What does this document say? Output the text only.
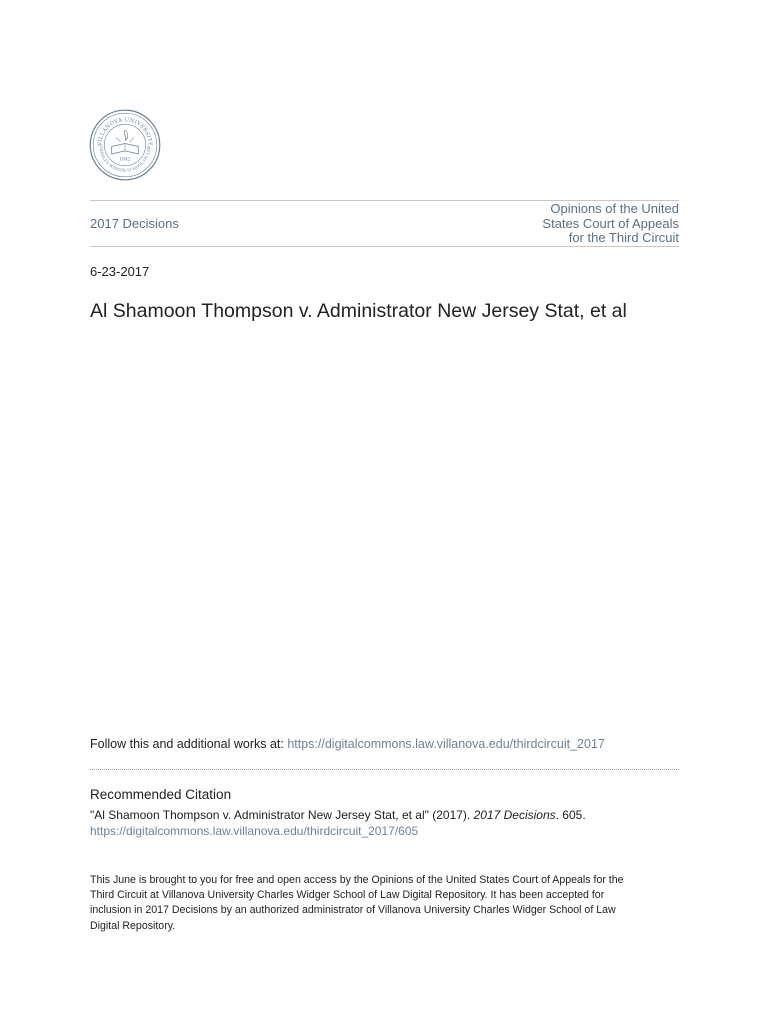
VILLANOVA UNIVERSITY
CHARLES WIDGER SCHOOL OF LAW
1842
2017 Decisions
Opinions of the United
States Court of Appeals
for the Third Circuit
6-23-2017
Al Shamoon Thompson v. Administrator New Jersey Stat, et al
Follow this and additional works at: https://digitalcommons.law.villanova.edu/thirdcircuit_2017
Recommended Citation
"Al Shamoon Thompson v. Administrator New Jersey Stat, et al" (2017). 2017 Decisions. 605.
https://digitalcommons.law.villanova.edu/thirdcircuit_2017/605
This June is brought to you for free and open access by the Opinions of the United States Court of Appeals for the
Third Circuit at Villanova University Charles Widger School of Law Digital Repository. It has been accepted for
inclusion in 2017 Decisions by an authorized administrator of Villanova University Charles Widger School of Law
Digital Repository.
